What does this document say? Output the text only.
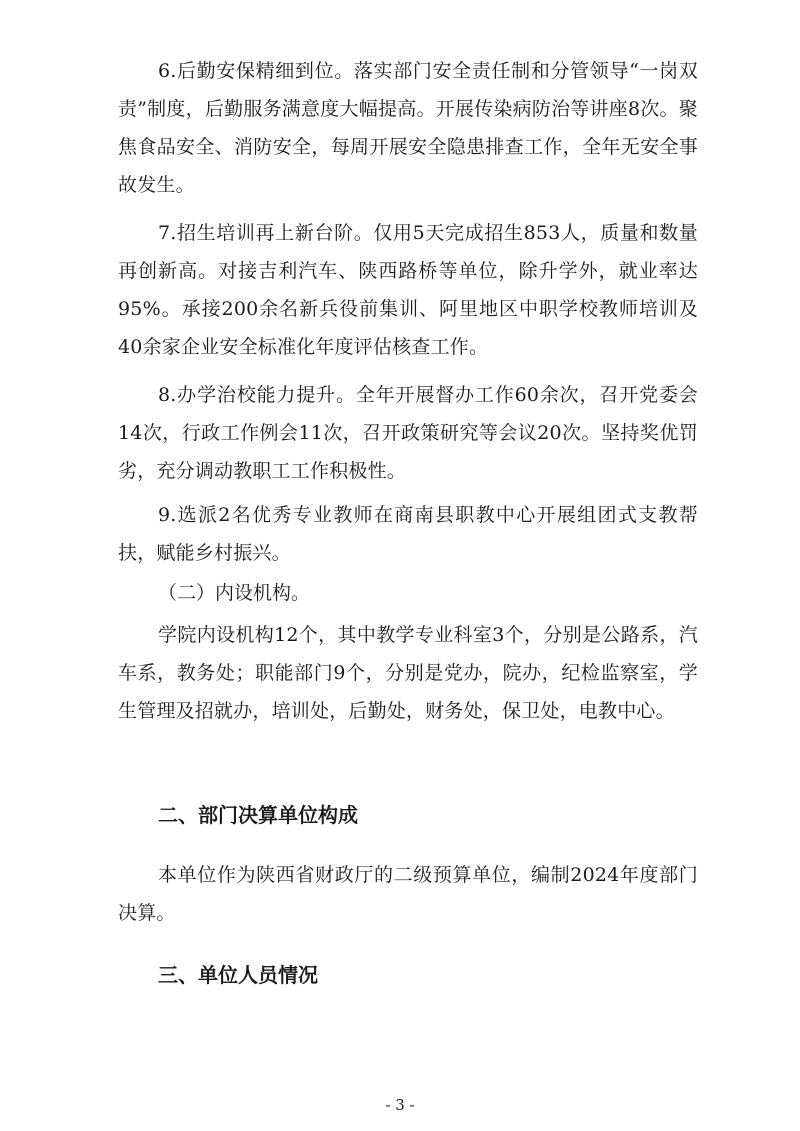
6.后勤安保精细到位。落实部门安全责任制和分管领导“一岗双责”制度，后勤服务满意度大幅提高。开展传染病防治等讲座8次。聚焦食品安全、消防安全，每周开展安全隐患排查工作，全年无安全事故发生。

7.招生培训再上新台阶。仅用5天完成招生853人，质量和数量再创新高。对接吉利汽车、陕西路桥等单位，除升学外，就业率达95%。承接200余名新兵役前集训、阿里地区中职学校教师培训及40余家企业安全标准化年度评估核查工作。

8.办学治校能力提升。全年开展督办工作60余次，召开党委会14次，行政工作例会11次，召开政策研究等会议20次。坚持奖优罚劣，充分调动教职工工作积极性。

9.选派2名优秀专业教师在商南县职教中心开展组团式支教帮扶，赋能乡村振兴。

（二）内设机构。

学院内设机构12个，其中教学专业科室3个，分别是公路系，汽车系，教务处；职能部门9个，分别是党办，院办，纪检监察室，学生管理及招就办，培训处，后勤处，财务处，保卫处，电教中心。

二、部门决算单位构成

本单位作为陕西省财政厅的二级预算单位，编制2024年度部门决算。

三、单位人员情况

- 3 -
